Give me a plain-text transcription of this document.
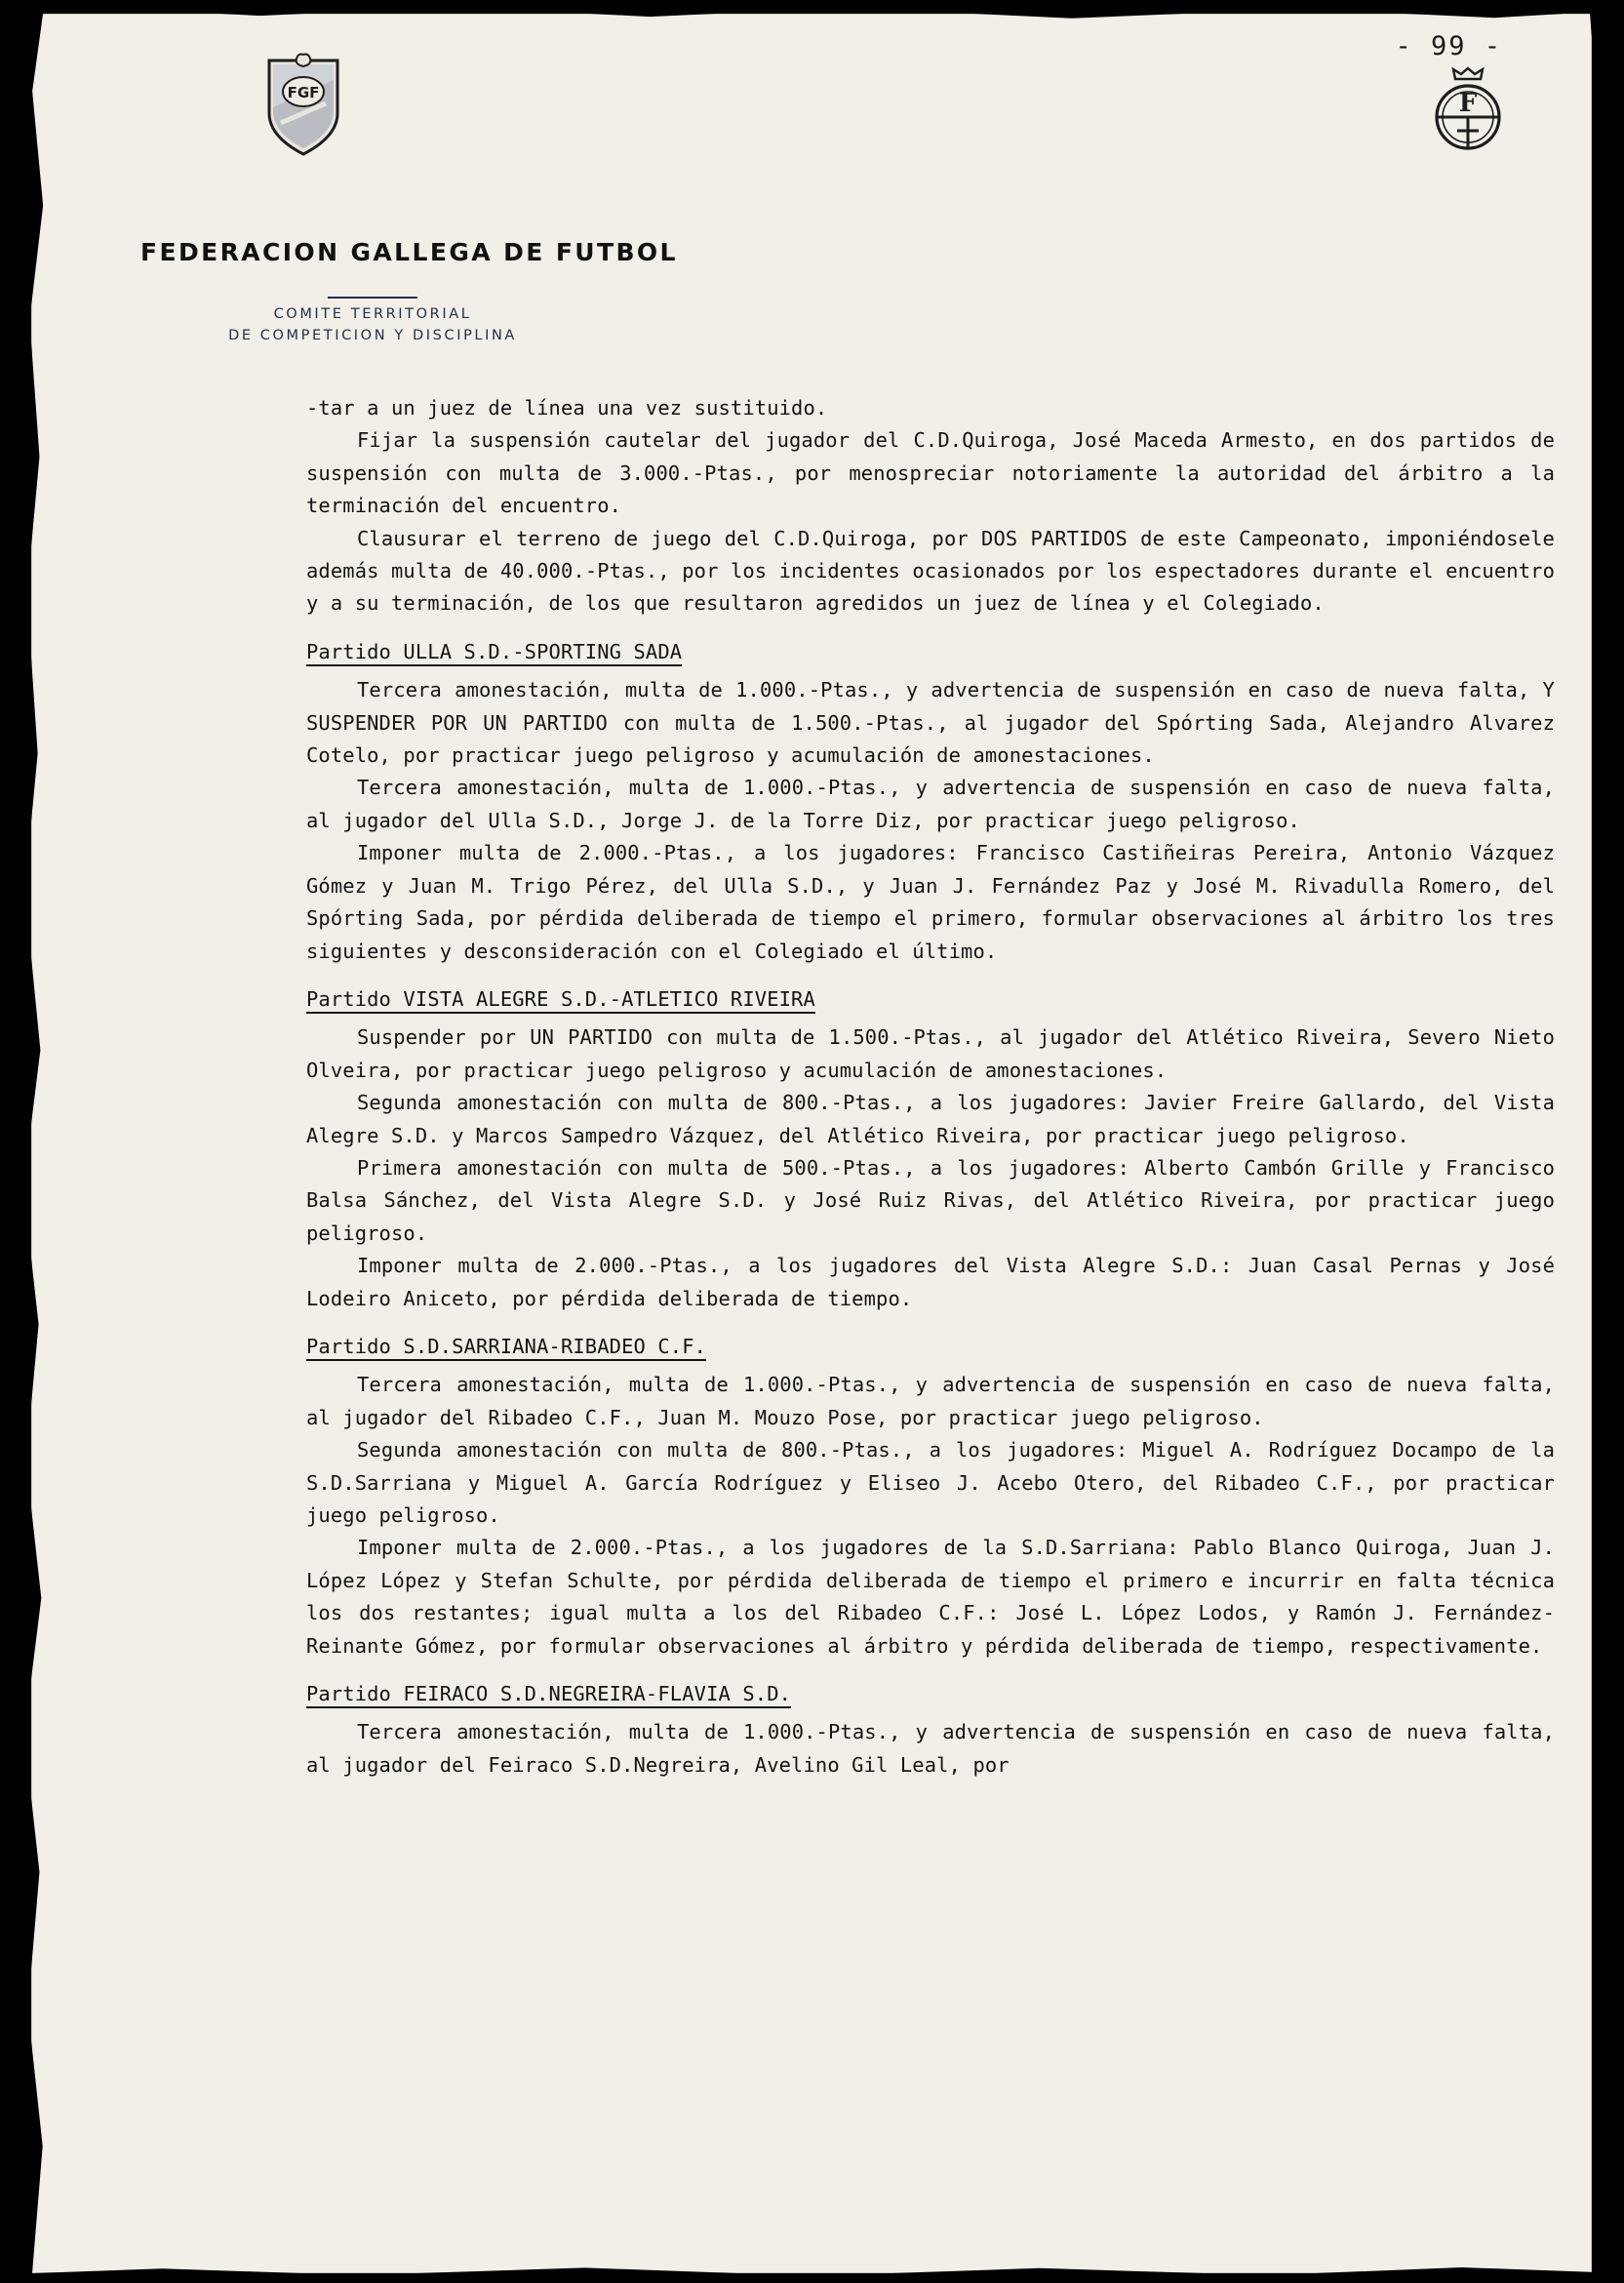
- 99 -
FGF	F
FEDERACION GALLEGA DE FUTBOL
COMITE TERRITORIAL
DE COMPETICION Y DISCIPLINA

-tar a un juez de línea una vez sustituido.

Fijar la suspensión cautelar del jugador del C.D.Quiroga, José Maceda Armesto, en dos partidos de suspensión con multa de 3.000.-Ptas., por menospreciar notoriamente la autoridad del árbitro a la terminación del encuentro.

Clausurar el terreno de juego del C.D.Quiroga, por DOS PARTIDOS de este Campeonato, imponiéndosele además multa de 40.000.-Ptas., por los incidentes ocasionados por los espectadores durante el encuentro y a su terminación, de los que resultaron agredidos un juez de línea y el Colegiado.

Partido ULLA S.D.-SPORTING SADA

Tercera amonestación, multa de 1.000.-Ptas., y advertencia de suspensión en caso de nueva falta, Y SUSPENDER POR UN PARTIDO con multa de 1.500.-Ptas., al jugador del Spórting Sada, Alejandro Alvarez Cotelo, por practicar juego peligroso y acumulación de amonestaciones.

Tercera amonestación, multa de 1.000.-Ptas., y advertencia de suspensión en caso de nueva falta, al jugador del Ulla S.D., Jorge J. de la Torre Diz, por practicar juego peligroso.

Imponer multa de 2.000.-Ptas., a los jugadores: Francisco Castiñeiras Pereira, Antonio Vázquez Gómez y Juan M. Trigo Pérez, del Ulla S.D., y Juan J. Fernández Paz y José M. Rivadulla Romero, del Spórting Sada, por pérdida deliberada de tiempo el primero, formular observaciones al árbitro los tres siguientes y desconsideración con el Colegiado el último.

Partido VISTA ALEGRE S.D.-ATLETICO RIVEIRA

Suspender por UN PARTIDO con multa de 1.500.-Ptas., al jugador del Atlético Riveira, Severo Nieto Olveira, por practicar juego peligroso y acumulación de amonestaciones.

Segunda amonestación con multa de 800.-Ptas., a los jugadores: Javier Freire Gallardo, del Vista Alegre S.D. y Marcos Sampedro Vázquez, del Atlético Riveira, por practicar juego peligroso.

Primera amonestación con multa de 500.-Ptas., a los jugadores: Alberto Cambón Grille y Francisco Balsa Sánchez, del Vista Alegre S.D. y José Ruiz Rivas, del Atlético Riveira, por practicar juego peligroso.

Imponer multa de 2.000.-Ptas., a los jugadores del Vista Alegre S.D.: Juan Casal Pernas y José Lodeiro Aniceto, por pérdida deliberada de tiempo.

Partido S.D.SARRIANA-RIBADEO C.F.

Tercera amonestación, multa de 1.000.-Ptas., y advertencia de suspensión en caso de nueva falta, al jugador del Ribadeo C.F., Juan M. Mouzo Pose, por practicar juego peligroso.

Segunda amonestación con multa de 800.-Ptas., a los jugadores: Miguel A. Rodríguez Docampo de la S.D.Sarriana y Miguel A. García Rodríguez y Eliseo J. Acebo Otero, del Ribadeo C.F., por practicar juego peligroso.

Imponer multa de 2.000.-Ptas., a los jugadores de la S.D.Sarriana: Pablo Blanco Quiroga, Juan J. López López y Stefan Schulte, por pérdida deliberada de tiempo el primero e incurrir en falta técnica los dos restantes; igual multa a los del Ribadeo C.F.: José L. López Lodos, y Ramón J. Fernández-Reinante Gómez, por formular observaciones al árbitro y pérdida deliberada de tiempo, respectivamente.

Partido FEIRACO S.D.NEGREIRA-FLAVIA S.D.

Tercera amonestación, multa de 1.000.-Ptas., y advertencia de suspensión en caso de nueva falta, al jugador del Feiraco S.D.Negreira, Avelino Gil Leal, por
